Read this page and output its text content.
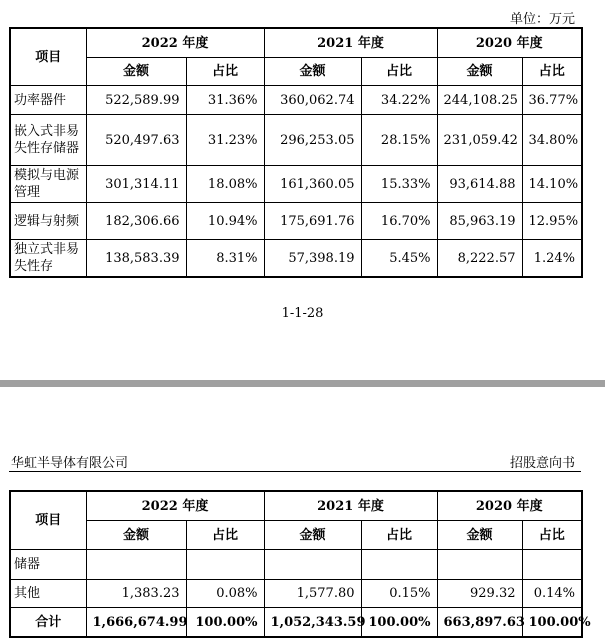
单位：万元
项目	2022 年度		2021 年度		2020 年度	
	金额	占比	金额	占比	金额	占比
功率器件	522,589.99	31.36%	360,062.74	34.22%	244,108.25	36.77%
嵌入式非易失性存储器	520,497.63	31.23%	296,253.05	28.15%	231,059.42	34.80%
模拟与电源管理	301,314.11	18.08%	161,360.05	15.33%	93,614.88	14.10%
逻辑与射频	182,306.66	10.94%	175,691.76	16.70%	85,963.19	12.95%
独立式非易失性存	138,583.39	8.31%	57,398.19	5.45%	8,222.57	1.24%
1-1-28
华虹半导体有限公司	招股意向书
项目	2022 年度		2021 年度		2020 年度	
	金额	占比	金额	占比	金额	占比
储器						
其他	1,383.23	0.08%	1,577.80	0.15%	929.32	0.14%
合计	1,666,674.99	100.00%	1,052,343.59	100.00%	663,897.63	100.00%
